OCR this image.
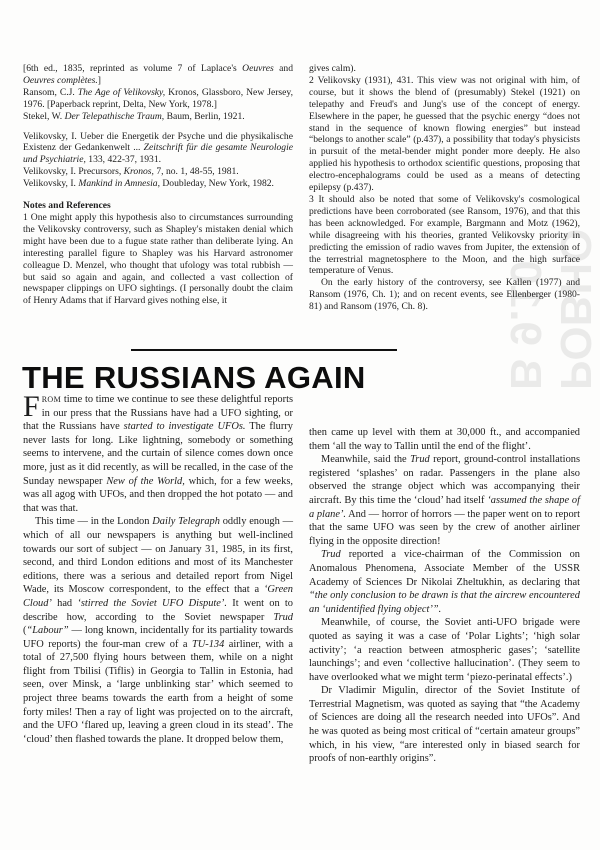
POBHO B 9.10

[6th ed., 1835, reprinted as volume 7 of Laplace's Oeuvres and Oeuvres complètes.]

Ransom, C.J. The Age of Velikovsky, Kronos, Glassboro, New Jersey, 1976. [Paperback reprint, Delta, New York, 1978.]

Stekel, W. Der Telepathische Traum, Baum, Berlin, 1921.

Velikovsky, I. Ueber die Energetik der Psyche und die physikalische Existenz der Gedankenwelt ... Zeitschrift für die gesamte Neurologie und Psychiatrie, 133, 422-37, 1931.

Velikovsky, I. Precursors, Kronos, 7, no. 1, 48-55, 1981.

Velikovsky, I. Mankind in Amnesia, Doubleday, New York, 1982.

Notes and References

1 One might apply this hypothesis also to circumstances surrounding the Velikovsky controversy, such as Shapley's mistaken denial which might have been due to a fugue state rather than deliberate lying. An interesting parallel figure to Shapley was his Harvard astronomer colleague D. Menzel, who thought that ufology was total rubbish — but said so again and again, and collected a vast collection of newspaper clippings on UFO sightings. (I personally doubt the claim of Henry Adams that if Harvard gives nothing else, it

gives calm).

2 Velikovsky (1931), 431. This view was not original with him, of course, but it shows the blend of (presumably) Stekel (1921) on telepathy and Freud's and Jung's use of the concept of energy. Elsewhere in the paper, he guessed that the psychic energy “does not stand in the sequence of known flowing energies” but instead “belongs to another scale” (p.437), a possibility that today's physicists in pursuit of the metal-bender might ponder more deeply. He also applied his hypothesis to orthodox scientific questions, proposing that electro-encephalograms could be used as a means of detecting epilepsy (p.437).

3 It should also be noted that some of Velikovsky's cosmological predictions have been corroborated (see Ransom, 1976), and that this has been acknowledged. For example, Bargmann and Motz (1962), while disagreeing with his theories, granted Velikovsky priority in predicting the emission of radio waves from Jupiter, the extension of the terrestrial magnetosphere to the Moon, and the high surface temperature of Venus.

On the early history of the controversy, see Kallen (1977) and Ransom (1976, Ch. 1); and on recent events, see Ellenberger (1980-81) and Ransom (1976, Ch. 8).

THE RUSSIANS AGAIN

FROM time to time we continue to see these delightful reports in our press that the Russians have had a UFO sighting, or that the Russians have started to investigate UFOs. The flurry never lasts for long. Like lightning, somebody or something seems to intervene, and the curtain of silence comes down once more, just as it did recently, as will be recalled, in the case of the Sunday newspaper New of the World, which, for a few weeks, was all agog with UFOs, and then dropped the hot potato — and that was that.

This time — in the London Daily Telegraph oddly enough — which of all our newspapers is anything but well-inclined towards our sort of subject — on January 31, 1985, in its first, second, and third London editions and most of its Manchester editions, there was a serious and detailed report from Nigel Wade, its Moscow correspondent, to the effect that a ‘Green Cloud’ had ‘stirred the Soviet UFO Dispute’. It went on to describe how, according to the Soviet newspaper Trud (“Labour” — long known, incidentally for its partiality towards UFO reports) the four-man crew of a TU-134 airliner, with a total of 27,500 flying hours between them, while on a night flight from Tbilisi (Tiflis) in Georgia to Tallin in Estonia, had seen, over Minsk, a ‘large unblinking star’ which seemed to project three beams towards the earth from a height of some forty miles! Then a ray of light was projected on to the aircraft, and the UFO ‘flared up, leaving a green cloud in its stead’. The ‘cloud’ then flashed towards the plane. It dropped below them,

then came up level with them at 30,000 ft., and accompanied them ‘all the way to Tallin until the end of the flight’.

Meanwhile, said the Trud report, ground-control installations registered ‘splashes’ on radar. Passengers in the plane also observed the strange object which was accompanying their aircraft. By this time the ‘cloud’ had itself ‘assumed the shape of a plane’. And — horror of horrors — the paper went on to report that the same UFO was seen by the crew of another airliner flying in the opposite direction!

Trud reported a vice-chairman of the Commission on Anomalous Phenomena, Associate Member of the USSR Academy of Sciences Dr Nikolai Zheltukhin, as declaring that “the only conclusion to be drawn is that the aircrew encountered an ‘unidentified flying object’”.

Meanwhile, of course, the Soviet anti-UFO brigade were quoted as saying it was a case of ‘Polar Lights’; ‘high solar activity’; ‘a reaction between atmospheric gases’; ‘satellite launchings’; and even ‘collective hallucination’. (They seem to have overlooked what we might term ‘piezo-perinatal effects’.)

Dr Vladimir Migulin, director of the Soviet Institute of Terrestrial Magnetism, was quoted as saying that “the Academy of Sciences are doing all the research needed into UFOs”. And he was quoted as being most critical of “certain amateur groups” which, in his view, “are interested only in biased search for proofs of non-earthly origins”.
